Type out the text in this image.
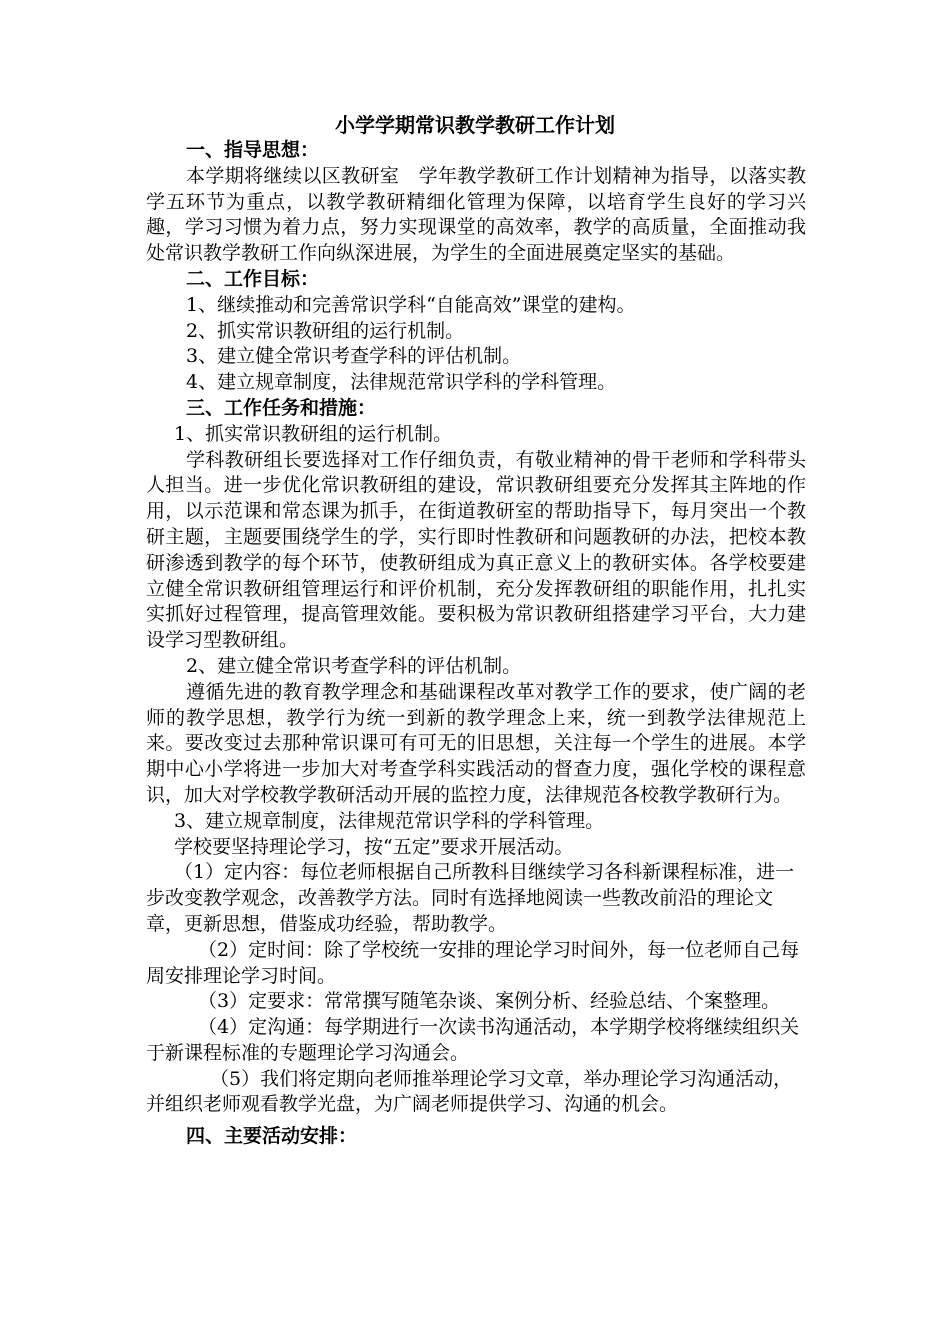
小学学期常识教学教研工作计划

一、指导思想：

本学期将继续以区教研室　学年教学教研工作计划精神为指导，以落实教学五环节为重点，以教学教研精细化管理为保障，以培育学生良好的学习兴趣，学习习惯为着力点，努力实现课堂的高效率，教学的高质量，全面推动我处常识教学教研工作向纵深进展，为学生的全面进展奠定坚实的基础。

二、工作目标：

1、继续推动和完善常识学科“自能高效”课堂的建构。

2、抓实常识教研组的运行机制。

3、建立健全常识考查学科的评估机制。

4、建立规章制度，法律规范常识学科的学科管理。

三、工作任务和措施：

1、抓实常识教研组的运行机制。

学科教研组长要选择对工作仔细负责，有敬业精神的骨干老师和学科带头人担当。进一步优化常识教研组的建设，常识教研组要充分发挥其主阵地的作用，以示范课和常态课为抓手，在街道教研室的帮助指导下，每月突出一个教研主题，主题要围绕学生的学，实行即时性教研和问题教研的办法，把校本教研渗透到教学的每个环节，使教研组成为真正意义上的教研实体。各学校要建立健全常识教研组管理运行和评价机制，充分发挥教研组的职能作用，扎扎实实抓好过程管理，提高管理效能。要积极为常识教研组搭建学习平台，大力建设学习型教研组。

2、建立健全常识考查学科的评估机制。

遵循先进的教育教学理念和基础课程改革对教学工作的要求，使广阔的老师的教学思想，教学行为统一到新的教学理念上来，统一到教学法律规范上来。要改变过去那种常识课可有可无的旧思想，关注每一个学生的进展。本学期中心小学将进一步加大对考查学科实践活动的督查力度，强化学校的课程意识，加大对学校教学教研活动开展的监控力度，法律规范各校教学教研行为。

3、建立规章制度，法律规范常识学科的学科管理。

学校要坚持理论学习，按“五定”要求开展活动。

（1）定内容：每位老师根据自己所教科目继续学习各科新课程标准，进一步改变教学观念，改善教学方法。同时有选择地阅读一些教改前沿的理论文章，更新思想，借鉴成功经验，帮助教学。

（2）定时间：除了学校统一安排的理论学习时间外，每一位老师自己每周安排理论学习时间。

（3）定要求：常常撰写随笔杂谈、案例分析、经验总结、个案整理。

（4）定沟通：每学期进行一次读书沟通活动，本学期学校将继续组织关于新课程标准的专题理论学习沟通会。

（5）我们将定期向老师推举理论学习文章，举办理论学习沟通活动，并组织老师观看教学光盘，为广阔老师提供学习、沟通的机会。

四、主要活动安排：
